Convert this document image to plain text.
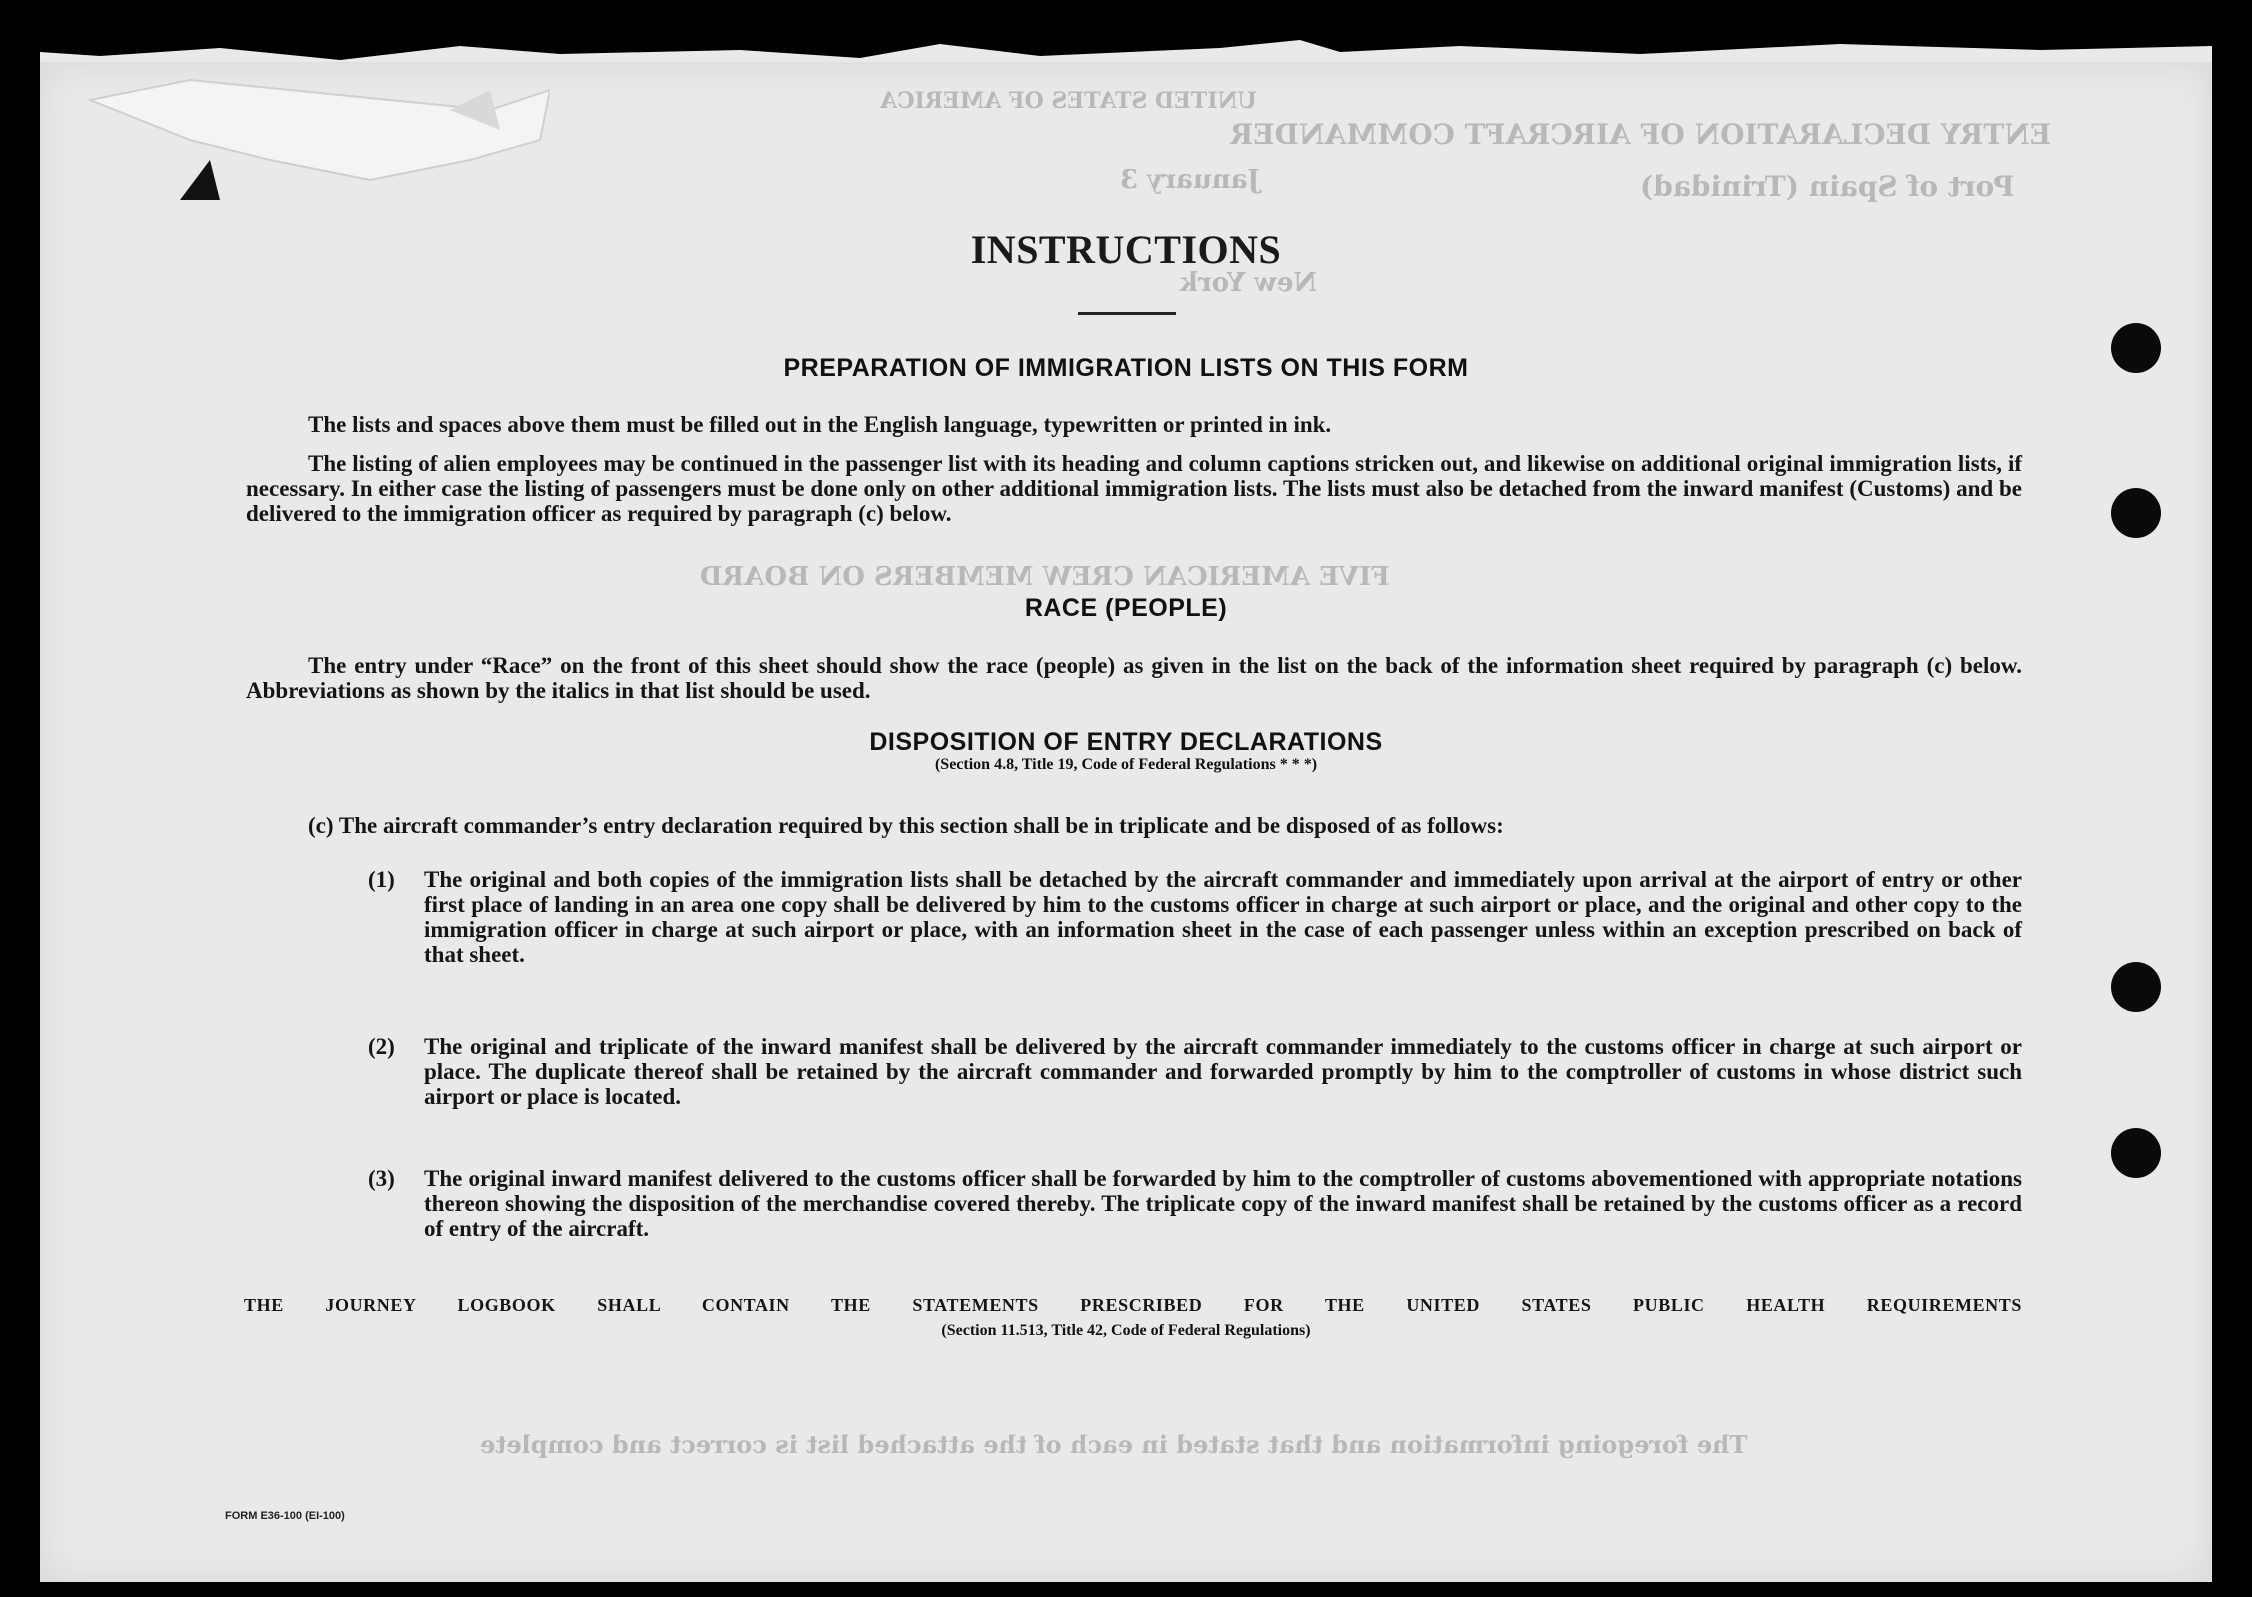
UNITED STATES OF AMERICA
ENTRY DECLARATION OF AIRCRAFT COMMANDER
Port of Spain (Trinidad)
January 3
New York
FIVE AMERICAN CREW MEMBERS ON BOARD
The foregoing information and that stated in each of the attached list is correct and complete
INSTRUCTIONS
PREPARATION OF IMMIGRATION LISTS ON THIS FORM
The lists and spaces above them must be filled out in the English language, typewritten or printed in ink.
The listing of alien employees may be continued in the passenger list with its heading and column captions stricken out, and likewise on additional original immigration lists, if necessary. In either case the listing of passengers must be done only on other additional immigration lists. The lists must also be detached from the inward manifest (Customs) and be delivered to the immigration officer as required by paragraph (c) below.
RACE (PEOPLE)
The entry under “Race” on the front of this sheet should show the race (people) as given in the list on the back of the information sheet required by paragraph (c) below. Abbreviations as shown by the italics in that list should be used.
DISPOSITION OF ENTRY DECLARATIONS
(Section 4.8, Title 19, Code of Federal Regulations * * *)
(c) The aircraft commander’s entry declaration required by this section shall be in triplicate and be disposed of as follows:
(1) The original and both copies of the immigration lists shall be detached by the aircraft commander and immediately upon arrival at the airport of entry or other first place of landing in an area one copy shall be delivered by him to the customs officer in charge at such airport or place, and the original and other copy to the immigration officer in charge at such airport or place, with an information sheet in the case of each passenger unless within an exception prescribed on back of that sheet.
(2) The original and triplicate of the inward manifest shall be delivered by the aircraft commander immediately to the customs officer in charge at such airport or place. The duplicate thereof shall be retained by the aircraft commander and forwarded promptly by him to the comptroller of customs in whose district such airport or place is located.
(3) The original inward manifest delivered to the customs officer shall be forwarded by him to the comptroller of customs abovementioned with appropriate notations thereon showing the disposition of the merchandise covered thereby. The triplicate copy of the inward manifest shall be retained by the customs officer as a record of entry of the aircraft.
THE JOURNEY LOGBOOK SHALL CONTAIN THE STATEMENTS PRESCRIBED FOR THE UNITED STATES PUBLIC HEALTH REQUIREMENTS
(Section 11.513, Title 42, Code of Federal Regulations)
FORM E36-100 (EI-100)
